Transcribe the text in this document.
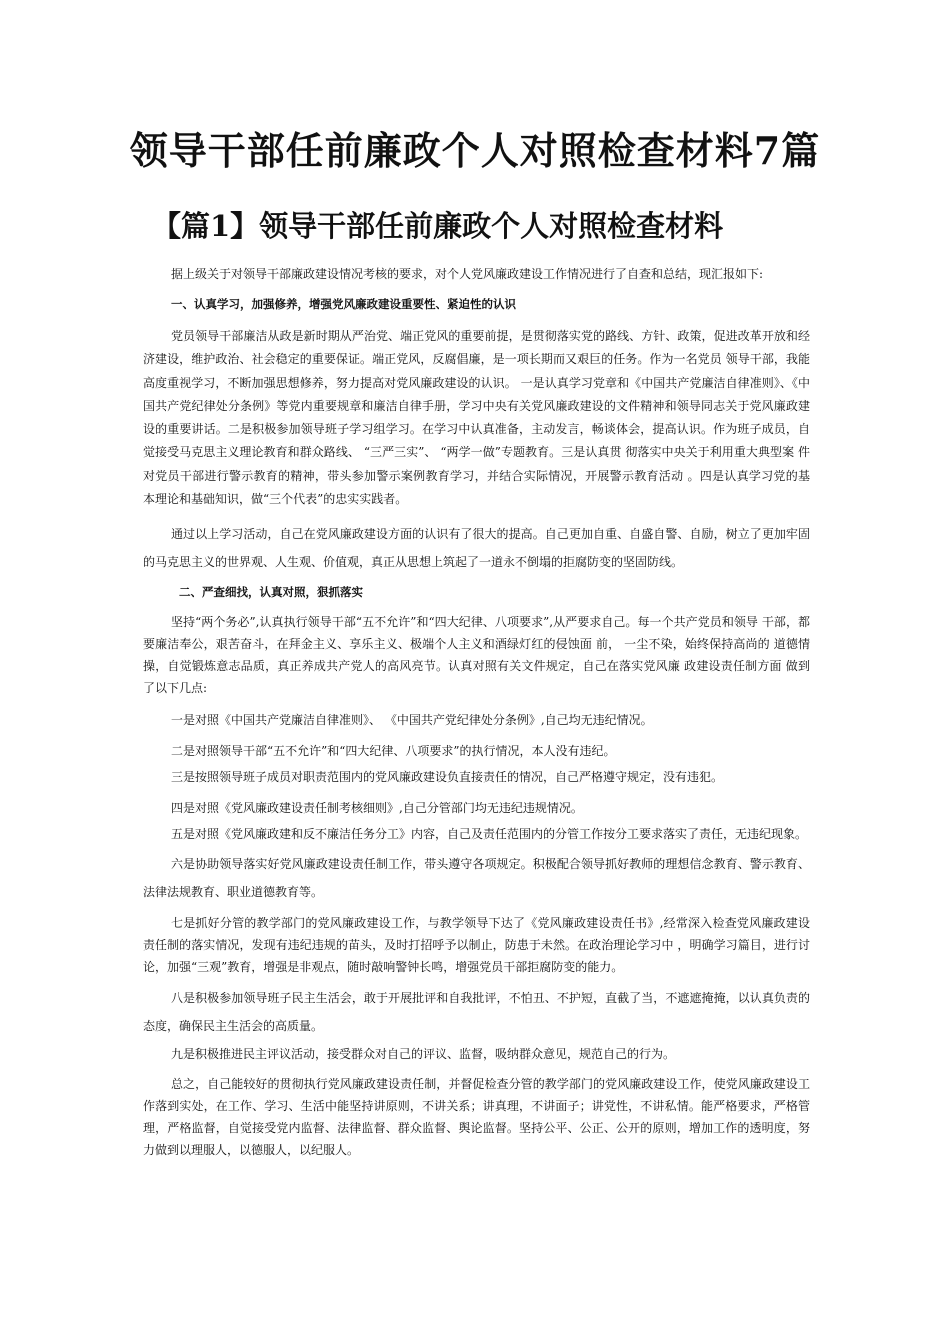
领导干部任前廉政个人对照检查材料7篇
【篇1】领导干部任前廉政个人对照检查材料

据上级关于对领导干部廉政建设情况考核的要求，对个人党风廉政建设工作情况进行了自查和总结，现汇报如下:

一、认真学习，加强修养，增强党风廉政建设重要性、紧迫性的认识

党员领导干部廉洁从政是新时期从严治党、端正党风的重要前提，是贯彻落实党的路线、方针、政策，促进改革开放和经济建设，维护政治、社会稳定的重要保证。端正党风，反腐倡廉，是一项长期而又艰巨的任务。作为一名党员 领导干部，我能高度重视学习，不断加强思想修养，努力提高对党风廉政建设的认识。 一是认真学习党章和《中国共产党廉洁自律准则》、《中 国共产党纪律处分条例》等党内重要规章和廉洁自律手册，学习中央有关党风廉政建设的文件精神和领导同志关于党风廉政建 设的重要讲话。二是积极参加领导班子学习组学习。在学习中认真准备，主动发言，畅谈体会，提高认识。作为班子成员，自 觉接受马克思主义理论教育和群众路线、 “三严三实”、 “两学一做”专题教育。三是认真贯 彻落实中央关于利用重大典型案 件对党员干部进行警示教育的精神，带头参加警示案例教育学习，并结合实际情况，开展警示教育活动 。四是认真学习党的基 本理论和基础知识，做“三个代表”的忠实实践者。

通过以上学习活动，自己在党风廉政建设方面的认识有了很大的提高。自己更加自重、自盛自警、自励，树立了更加牢固的马克思主义的世界观、人生观、价值观，真正从思想上筑起了一道永不倒塌的拒腐防变的坚固防线。

二、严查细找，认真对照，狠抓落实

坚持“两个务必”,认真执行领导干部“五不允许”和“四大纪律、八项要求”,从严要求自己。每一个共产党员和领导 干部，都要廉洁奉公，艰苦奋斗，在拜金主义、享乐主义、极端个人主义和酒绿灯红的侵蚀面 前， 一尘不染，始终保持高尚的 道德情操，自觉锻炼意志品质，真正养成共产党人的高风亮节。认真对照有关文件规定，自己在落实党风廉 政建设责任制方面 做到了以下几点:

一是对照《中国共产党廉洁自律准则》、 《中国共产党纪律处分条例》,自己均无违纪情况。

二是对照领导干部“五不允许”和“四大纪律、八项要求”的执行情况，本人没有违纪。

三是按照领导班子成员对职责范围内的党风廉政建设负直接责任的情况，自己严格遵守规定，没有违犯。

四是对照《党风廉政建设责任制考核细则》,自己分管部门均无违纪违规情况。

五是对照《党风廉政建和反不廉洁任务分工》内容，自己及责任范围内的分管工作按分工要求落实了责任，无违纪现象。

六是协助领导落实好党风廉政建设责任制工作，带头遵守各项规定。积极配合领导抓好教师的理想信念教育、警示教育、法律法规教育、职业道德教育等。

七是抓好分管的教学部门的党风廉政建设工作，与教学领导下达了《党风廉政建设责任书》,经常深入检查党风廉政建设 责任制的落实情况，发现有违纪违规的苗头，及时打招呼予以制止，防患于未然。在政治理论学习中 ，明确学习篇目，进行讨 论，加强“三观”教育，增强是非观点，随时敲响警钟长鸣，增强党员干部拒腐防变的能力。

八是积极参加领导班子民主生活会，敢于开展批评和自我批评，不怕丑、不护短，直截了当，不遮遮掩掩，以认真负责的态度，确保民主生活会的高质量。

九是积极推进民主评议活动，接受群众对自己的评议、监督，吸纳群众意见，规范自己的行为。

总之，自己能较好的贯彻执行党风廉政建设责任制，并督促检查分管的教学部门的党风廉政建设工作，使党风廉政建设工作落到实处，在工作、学习、生活中能坚持讲原则，不讲关系；讲真理，不讲面子；讲党性，不讲私情。能严格要求，严格管理，严格监督，自觉接受党内监督、法律监督、群众监督、舆论监督。坚持公平、公正、公开的原则，增加工作的透明度，努力做到以理服人，以德服人，以纪服人。
